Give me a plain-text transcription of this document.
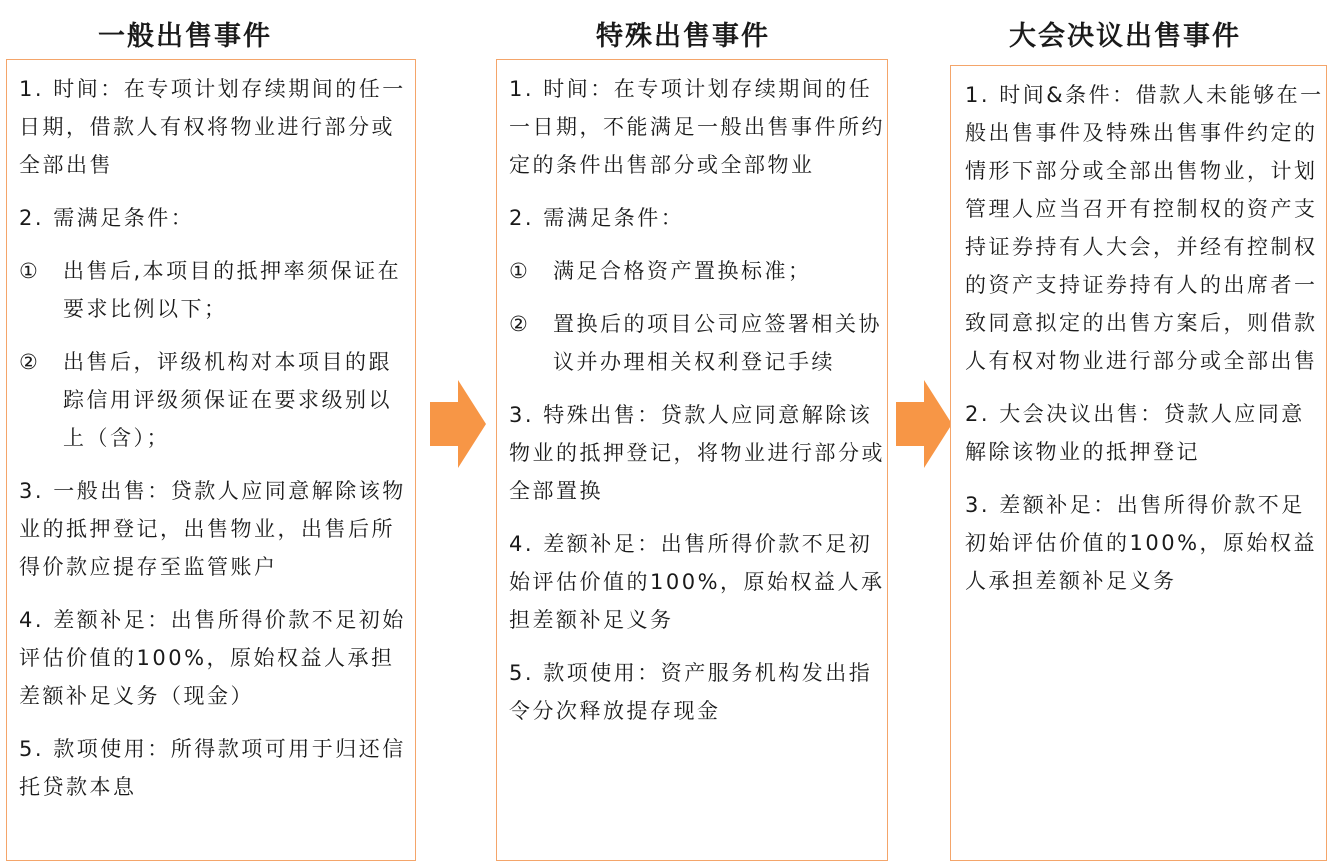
一般出售事件	特殊出售事件	大会决议出售事件

1. 时间：在专项计划存续期间的任一日期，借款人有权将物业进行部分或全部出售

2. 需满足条件：

① 出售后,本项目的抵押率须保证在要求比例以下；

② 出售后，评级机构对本项目的跟踪信用评级须保证在要求级别以上（含）；

3. 一般出售：贷款人应同意解除该物业的抵押登记，出售物业，出售后所得价款应提存至监管账户

4. 差额补足：出售所得价款不足初始评估价值的100%，原始权益人承担差额补足义务（现金）

5. 款项使用：所得款项可用于归还信托贷款本息

1. 时间：在专项计划存续期间的任一日期，不能满足一般出售事件所约定的条件出售部分或全部物业

2. 需满足条件：

① 满足合格资产置换标准；

② 置换后的项目公司应签署相关协议并办理相关权利登记手续

3. 特殊出售：贷款人应同意解除该物业的抵押登记，将物业进行部分或全部置换

4. 差额补足：出售所得价款不足初始评估价值的100%，原始权益人承担差额补足义务

5. 款项使用：资产服务机构发出指令分次释放提存现金

1. 时间&条件：借款人未能够在一般出售事件及特殊出售事件约定的情形下部分或全部出售物业，计划管理人应当召开有控制权的资产支持证券持有人大会，并经有控制权的资产支持证券持有人的出席者一致同意拟定的出售方案后，则借款人有权对物业进行部分或全部出售

2. 大会决议出售：贷款人应同意解除该物业的抵押登记

3. 差额补足：出售所得价款不足初始评估价值的100%，原始权益人承担差额补足义务
